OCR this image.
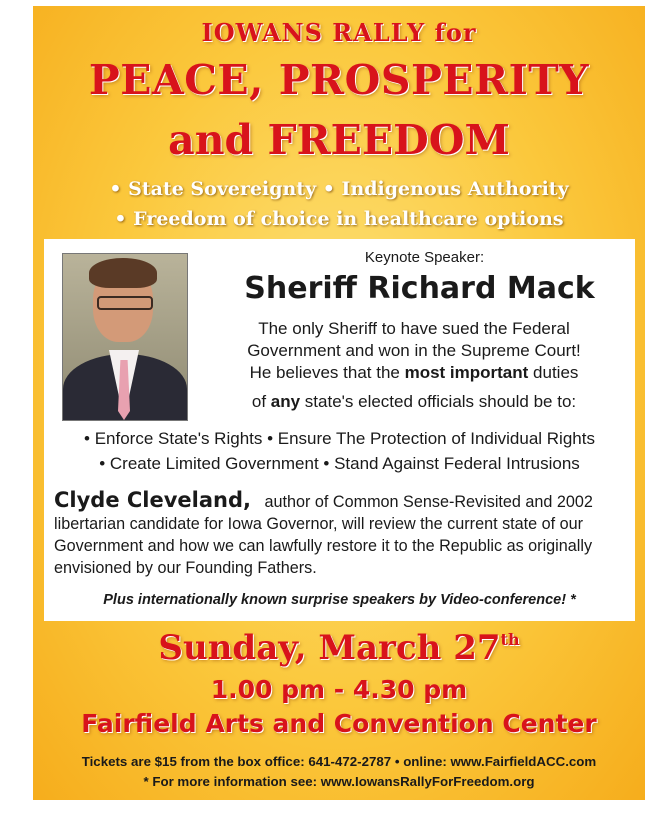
IOWANS RALLY for
PEACE, PROSPERITY
and FREEDOM
• State Sovereignty • Indigenous Authority
• Freedom of choice in healthcare options
Keynote Speaker:
Sheriff Richard Mack
The only Sheriff to have sued the Federal
Government and won in the Supreme Court!
He believes that the most important duties
of any state's elected officials should be to:
• Enforce State's Rights • Ensure The Protection of Individual Rights
• Create Limited Government • Stand Against Federal Intrusions
Clyde Cleveland, author of Common Sense-Revisited and 2002 libertarian candidate for Iowa Governor, will review the current state of our Government and how we can lawfully restore it to the Republic as originally envisioned by our Founding Fathers.
Plus internationally known surprise speakers by Video-conference! *
Sunday, March 27th
1.00 pm - 4.30 pm
Fairfield Arts and Convention Center
Tickets are $15 from the box office: 641-472-2787 • online: www.FairfieldACC.com
* For more information see: www.IowansRallyForFreedom.org
